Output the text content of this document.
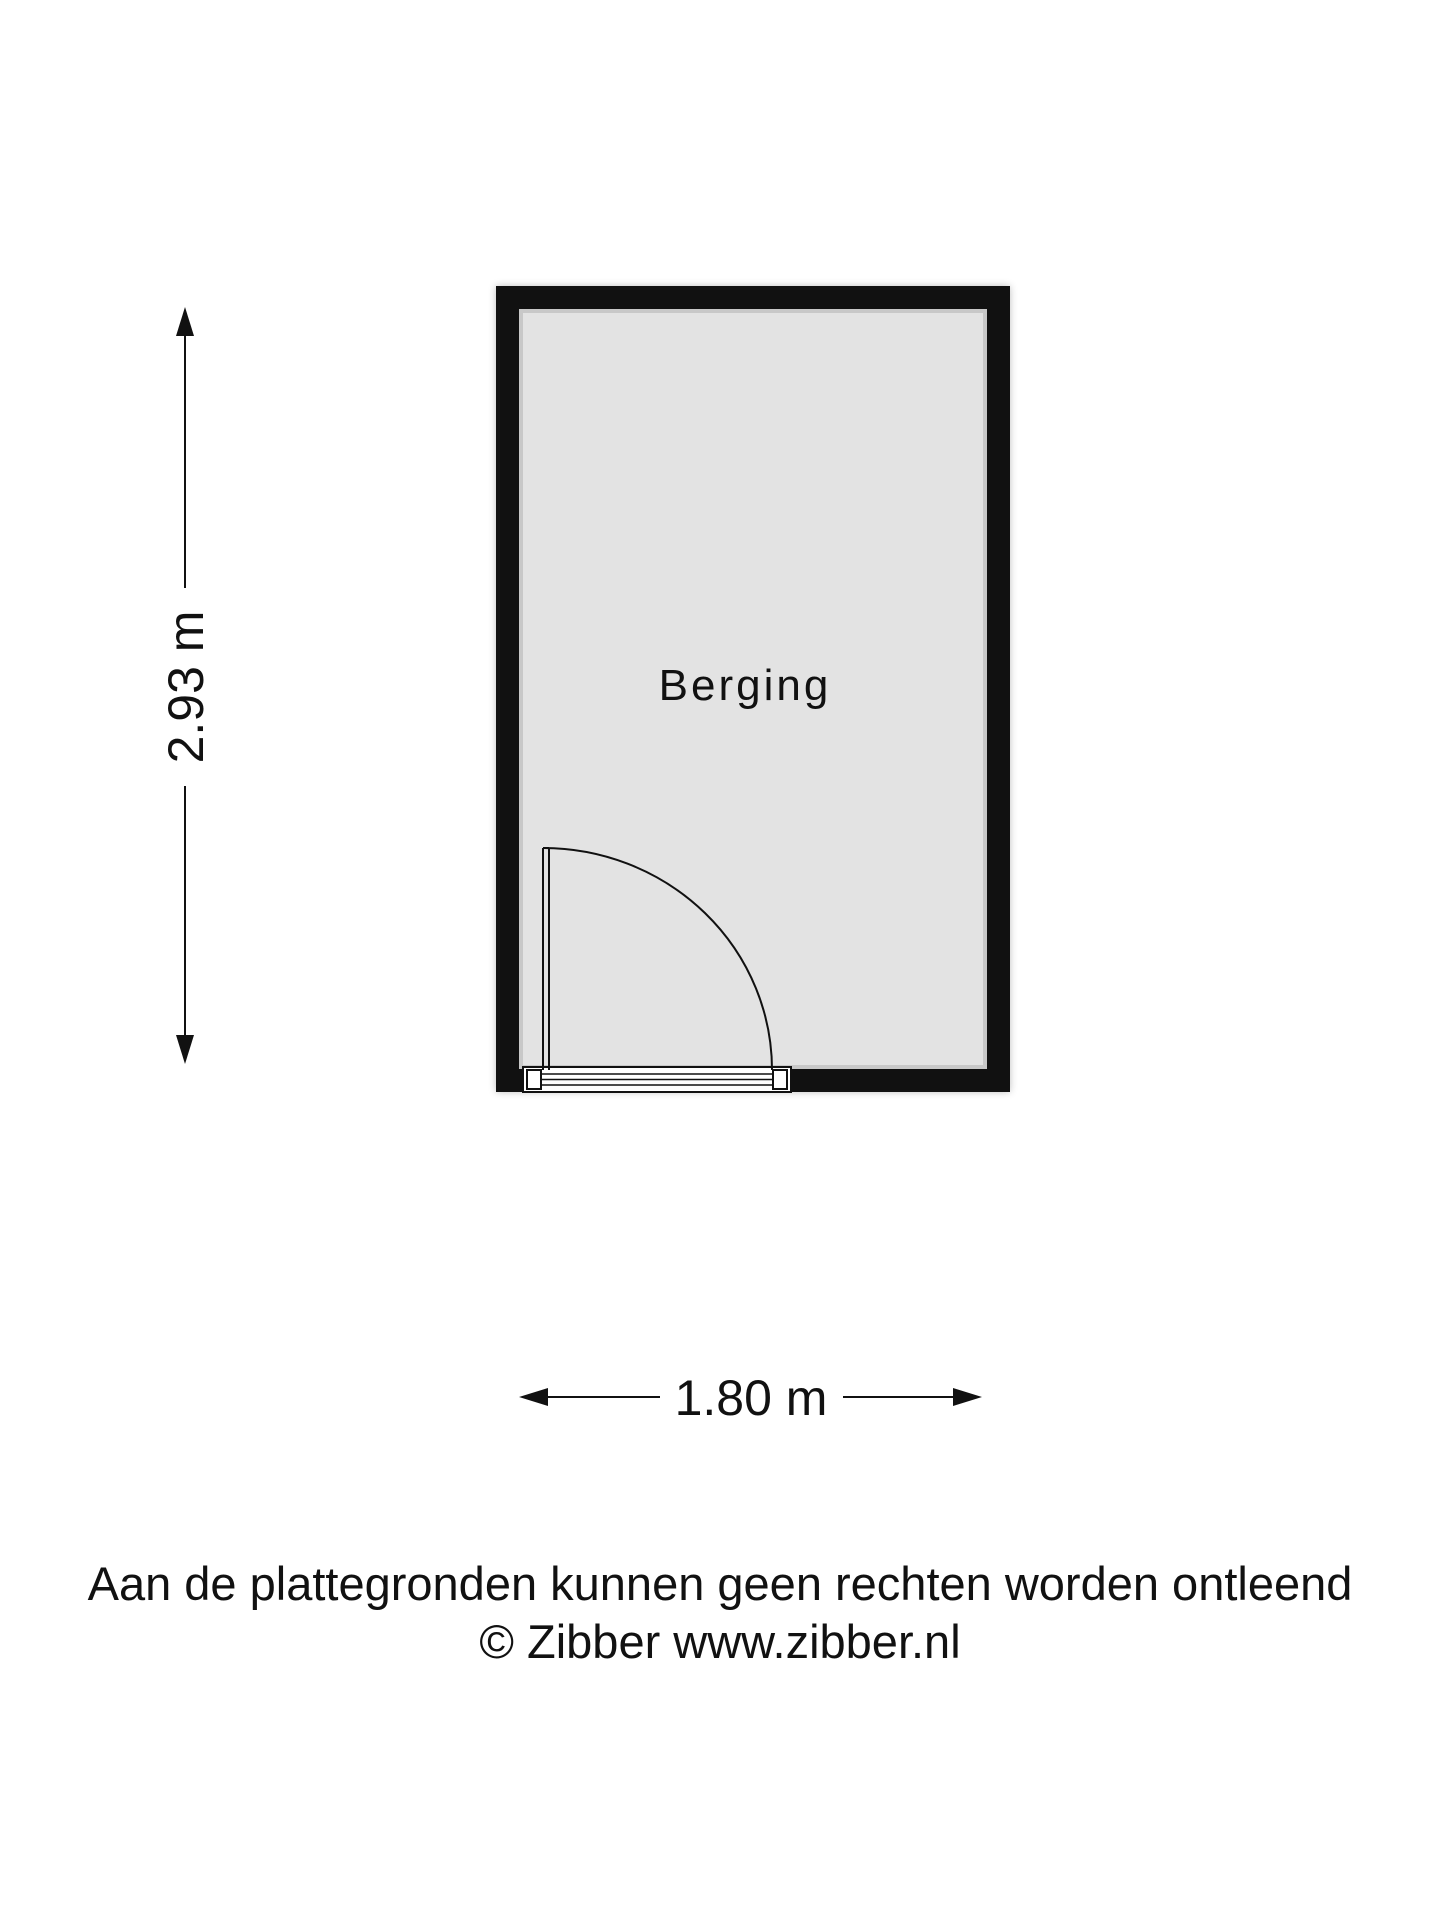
Berging
2.93 m
1.80 m
Aan de plattegronden kunnen geen rechten worden ontleend
© Zibber www.zibber.nl
